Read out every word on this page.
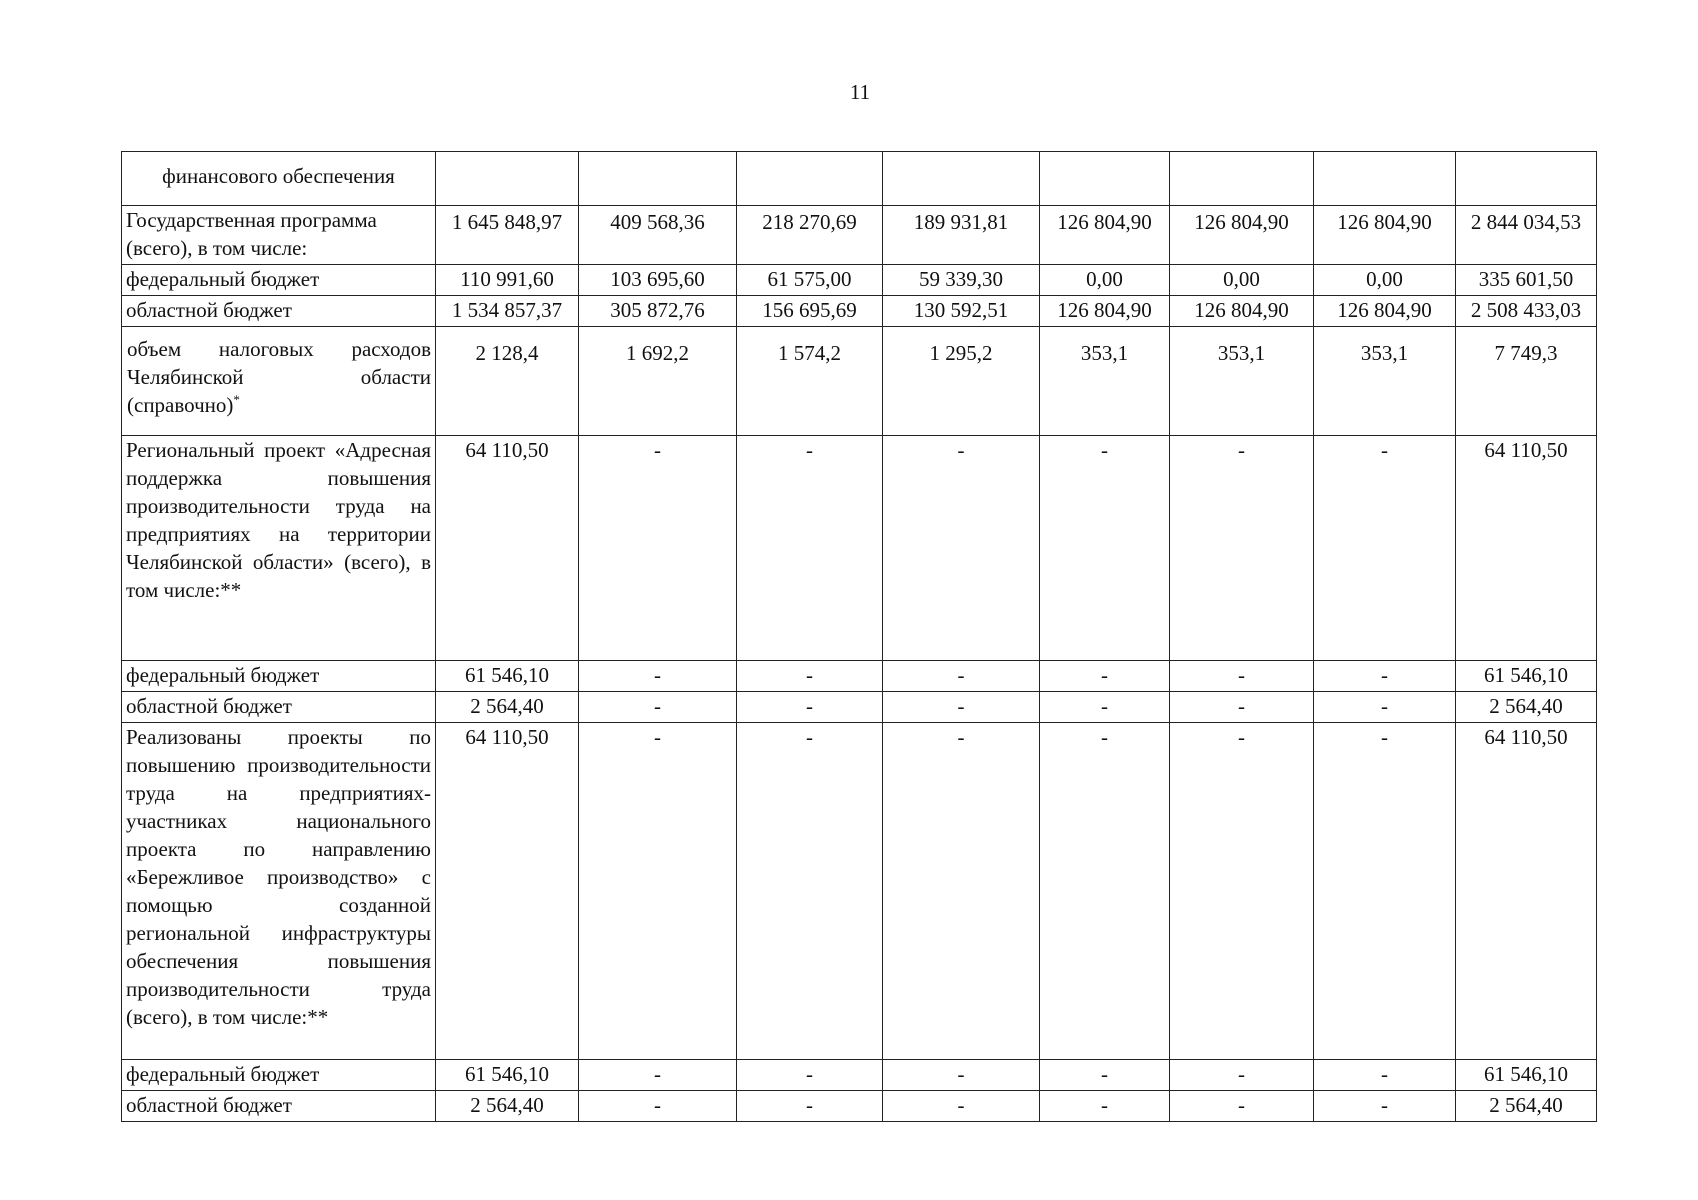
11
финансового обеспечения								
Государственная программа (всего), в том числе:	1 645 848,97	409 568,36	218 270,69	189 931,81	126 804,90	126 804,90	126 804,90	2 844 034,53

федеральный бюджет	110 991,60	103 695,60	61 575,00	59 339,30	0,00	0,00	0,00	335 601,50
областной бюджет	1 534 857,37	305 872,76	156 695,69	130 592,51	126 804,90	126 804,90	126 804,90	2 508 433,03
объем налоговых расходов Челябинской области (справочно)*	2 128,4	1 692,2	1 574,2	1 295,2	353,1	353,1	353,1	7 749,3

Региональный проект «Адресная поддержка повышения производительности труда на предприятиях на территории Челябинской области» (всего), в том числе:**	64 110,50	-	-	-	-	-	-	64 110,50
федеральный бюджет	61 546,10	-	-	-	-	-	-	61 546,10
областной бюджет	2 564,40	-	-	-	-	-	-	2 564,40
Реализованы проекты по повышению производительности труда на предприятиях-участниках национального проекта по направлению «Бережливое производство» с помощью созданной региональной инфраструктуры обеспечения повышения производительности труда (всего), в том числе:**	64 110,50	-	-	-	-	-	-	64 110,50
федеральный бюджет	61 546,10	-	-	-	-	-	-	61 546,10
областной бюджет	2 564,40	-	-	-	-	-	-	2 564,40
